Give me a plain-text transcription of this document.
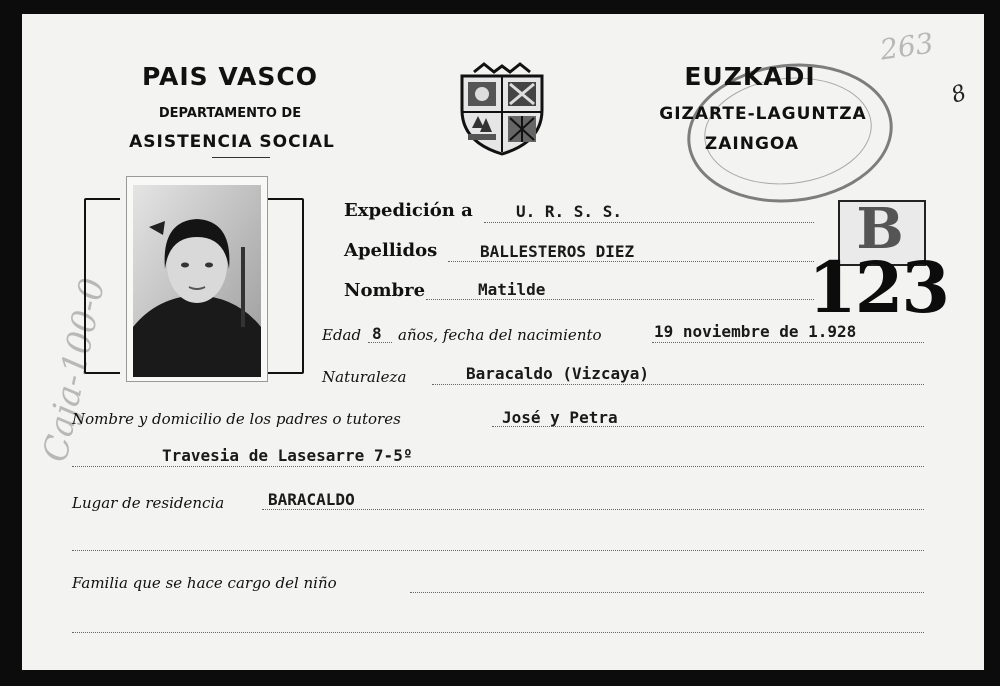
PAIS VASCO
DEPARTAMENTO DE
ASISTENCIA SOCIAL
EUZKADI
GIZARTE-LAGUNTZA
ZAINGOA
263
8
Caja-100-0
B
123
Expedición a	U. R. S. S.
Apellidos	BALLESTEROS DIEZ
Nombre	Matilde
Edad 8 años, fecha del nacimiento	19 noviembre de 1.928
Naturaleza	Baracaldo (Vizcaya)
Nombre y domicilio de los padres o tutores	José y Petra
Travesia de Lasesarre 7-5º
Lugar de residencia	BARACALDO
Familia que se hace cargo del niño
